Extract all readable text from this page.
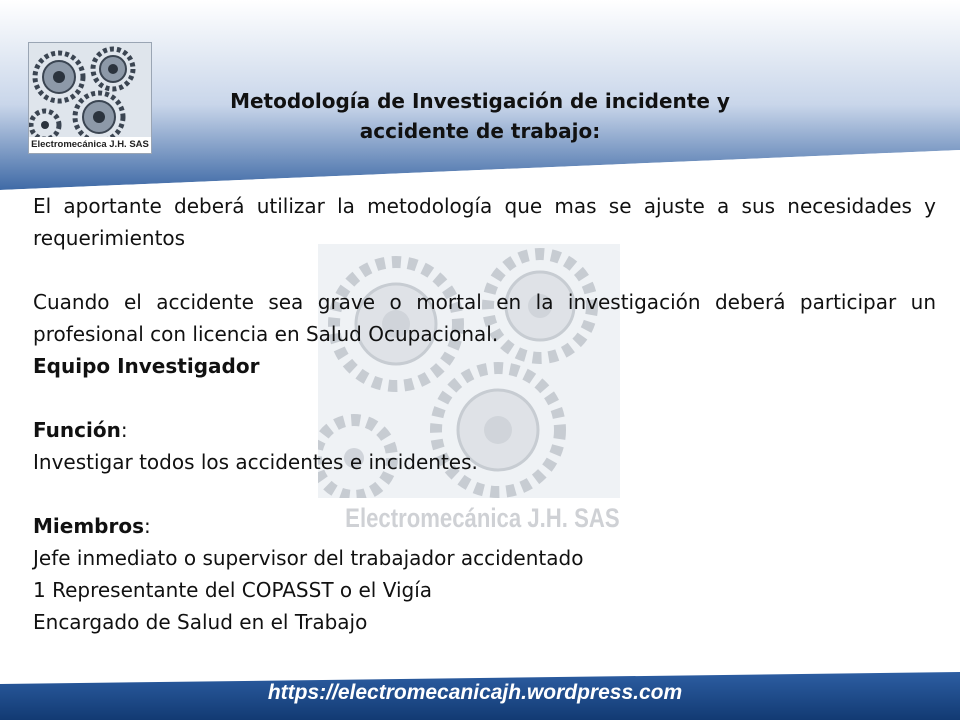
Electromecánica J.H. SAS
Electromecánica J.H. SAS
Metodología de Investigación de incidente y
accidente de trabajo:

El aportante deberá utilizar la metodología que mas se ajuste a sus necesidades y requerimientos

Cuando el accidente sea grave o mortal en la investigación deberá participar un profesional con licencia en Salud Ocupacional.

Equipo Investigador

Función:

Investigar todos los accidentes e incidentes.

Miembros:

Jefe inmediato o supervisor del trabajador accidentado

1 Representante del COPASST o el Vigía

Encargado de Salud en el Trabajo

https://electromecanicajh.wordpress.com
